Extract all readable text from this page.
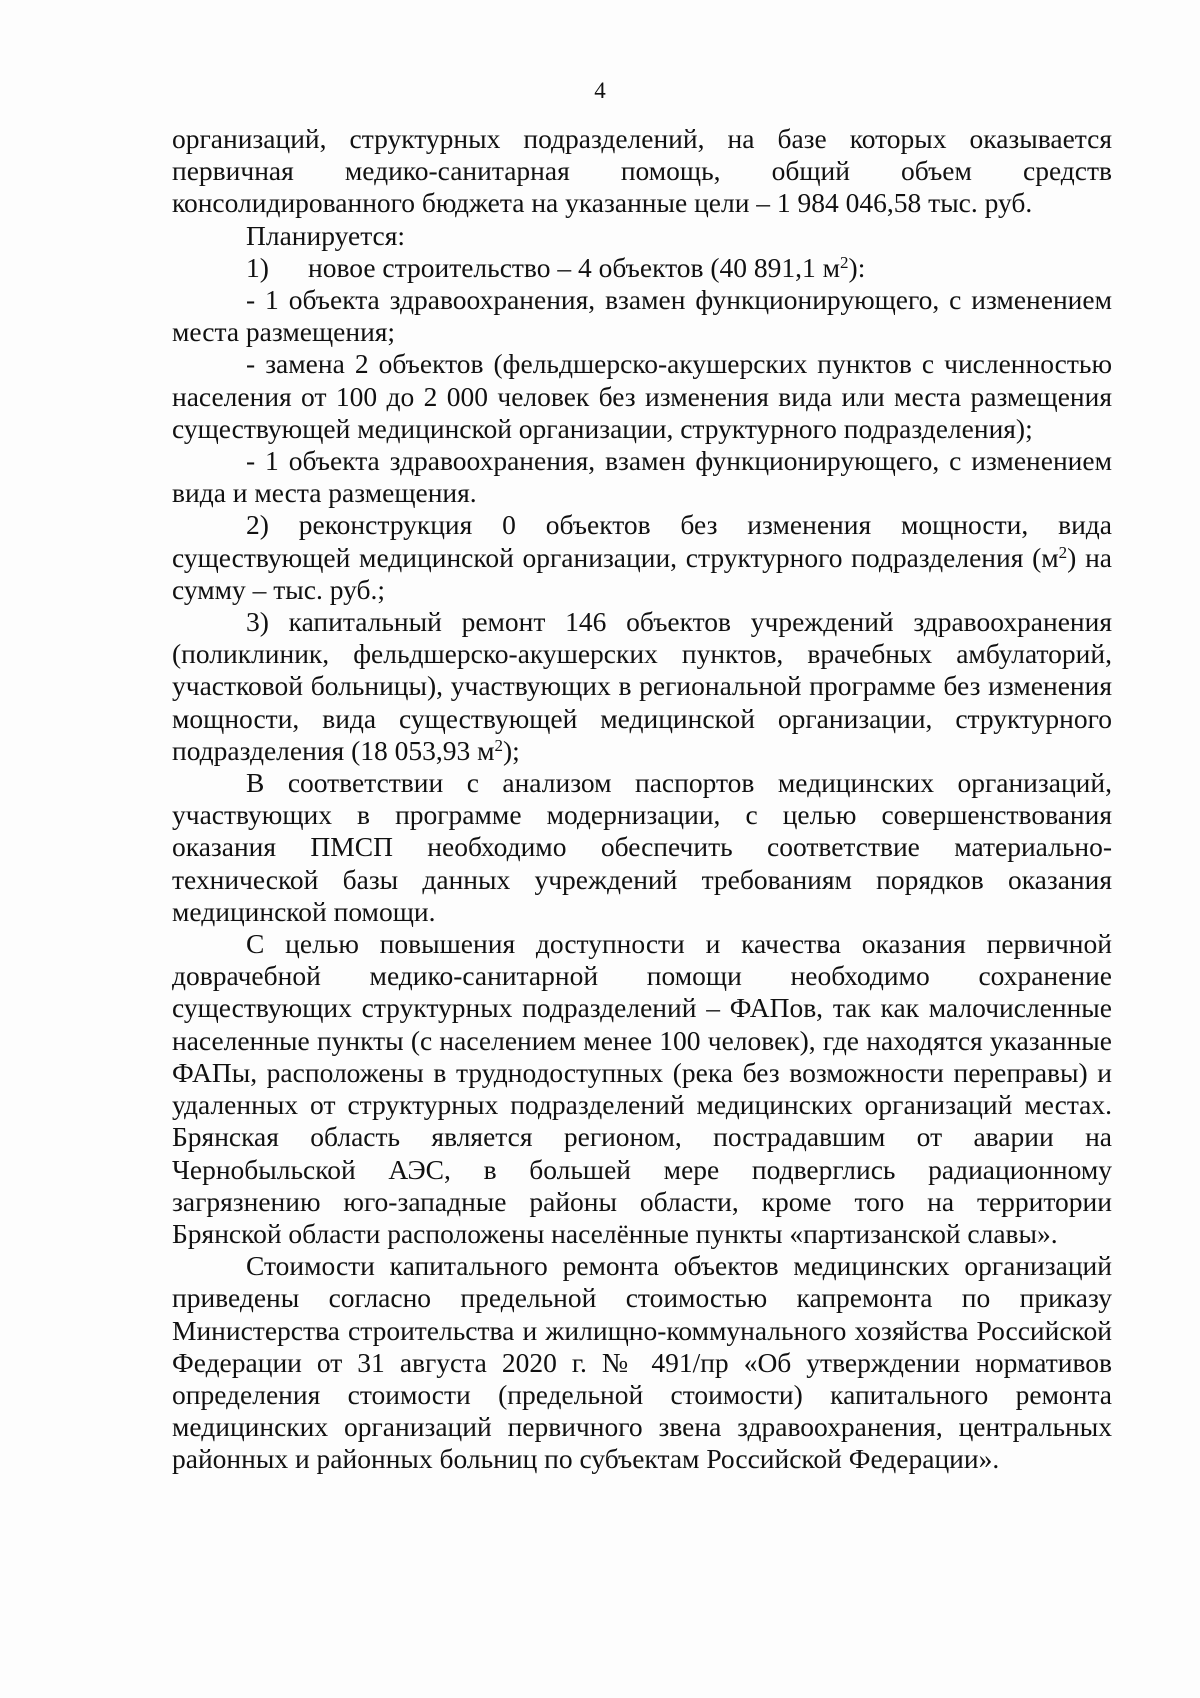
4

организаций, структурных подразделений, на базе которых оказывается первичная медико-санитарная помощь, общий объем средств консолидированного бюджета на указанные цели – 1 984 046,58 тыс. руб.

Планируется:

1)	новое строительство – 4 объектов (40 891,1 $м^2$):

- 1 объекта здравоохранения, взамен функционирующего, с изменением места размещения;

- замена 2 объектов (фельдшерско-акушерских пунктов с численностью населения от 100 до 2 000 человек без изменения вида или места размещения существующей медицинской организации, структурного подразделения);

- 1 объекта здравоохранения, взамен функционирующего, с изменением вида и места размещения.

2) реконструкция 0 объектов без изменения мощности, вида существующей медицинской организации, структурного подразделения $(м^2)$ на сумму – тыс. руб.;

3) капитальный ремонт 146 объектов учреждений здравоохранения (поликлиник, фельдшерско-акушерских пунктов, врачебных амбулаторий, участковой больницы), участвующих в региональной программе без изменения мощности, вида существующей медицинской организации, структурного подразделения (18 053,93 $м^2$);

В соответствии с анализом паспортов медицинских организаций, участвующих в программе модернизации, с целью совершенствования оказания ПМСП необходимо обеспечить соответствие материально-технической базы данных учреждений требованиям порядков оказания медицинской помощи.

С целью повышения доступности и качества оказания первичной доврачебной медико-санитарной помощи необходимо сохранение существующих структурных подразделений – ФАПов, так как малочисленные населенные пункты (с населением менее 100 человек), где находятся указанные ФАПы, расположены в труднодоступных (река без возможности переправы) и удаленных от структурных подразделений медицинских организаций местах. Брянская область является регионом, пострадавшим от аварии на Чернобыльской АЭС, в большей мере подверглись радиационному загрязнению юго-западные районы области, кроме того на территории Брянской области расположены населённые пункты «партизанской славы».

Стоимости капитального ремонта объектов медицинских организаций приведены согласно предельной стоимостью капремонта по приказу Министерства строительства и жилищно-коммунального хозяйства Российской Федерации от 31 августа 2020 г. № 491/пр «Об утверждении нормативов определения стоимости (предельной стоимости) капитального ремонта медицинских организаций первичного звена здравоохранения, центральных районных и районных больниц по субъектам Российской Федерации».
